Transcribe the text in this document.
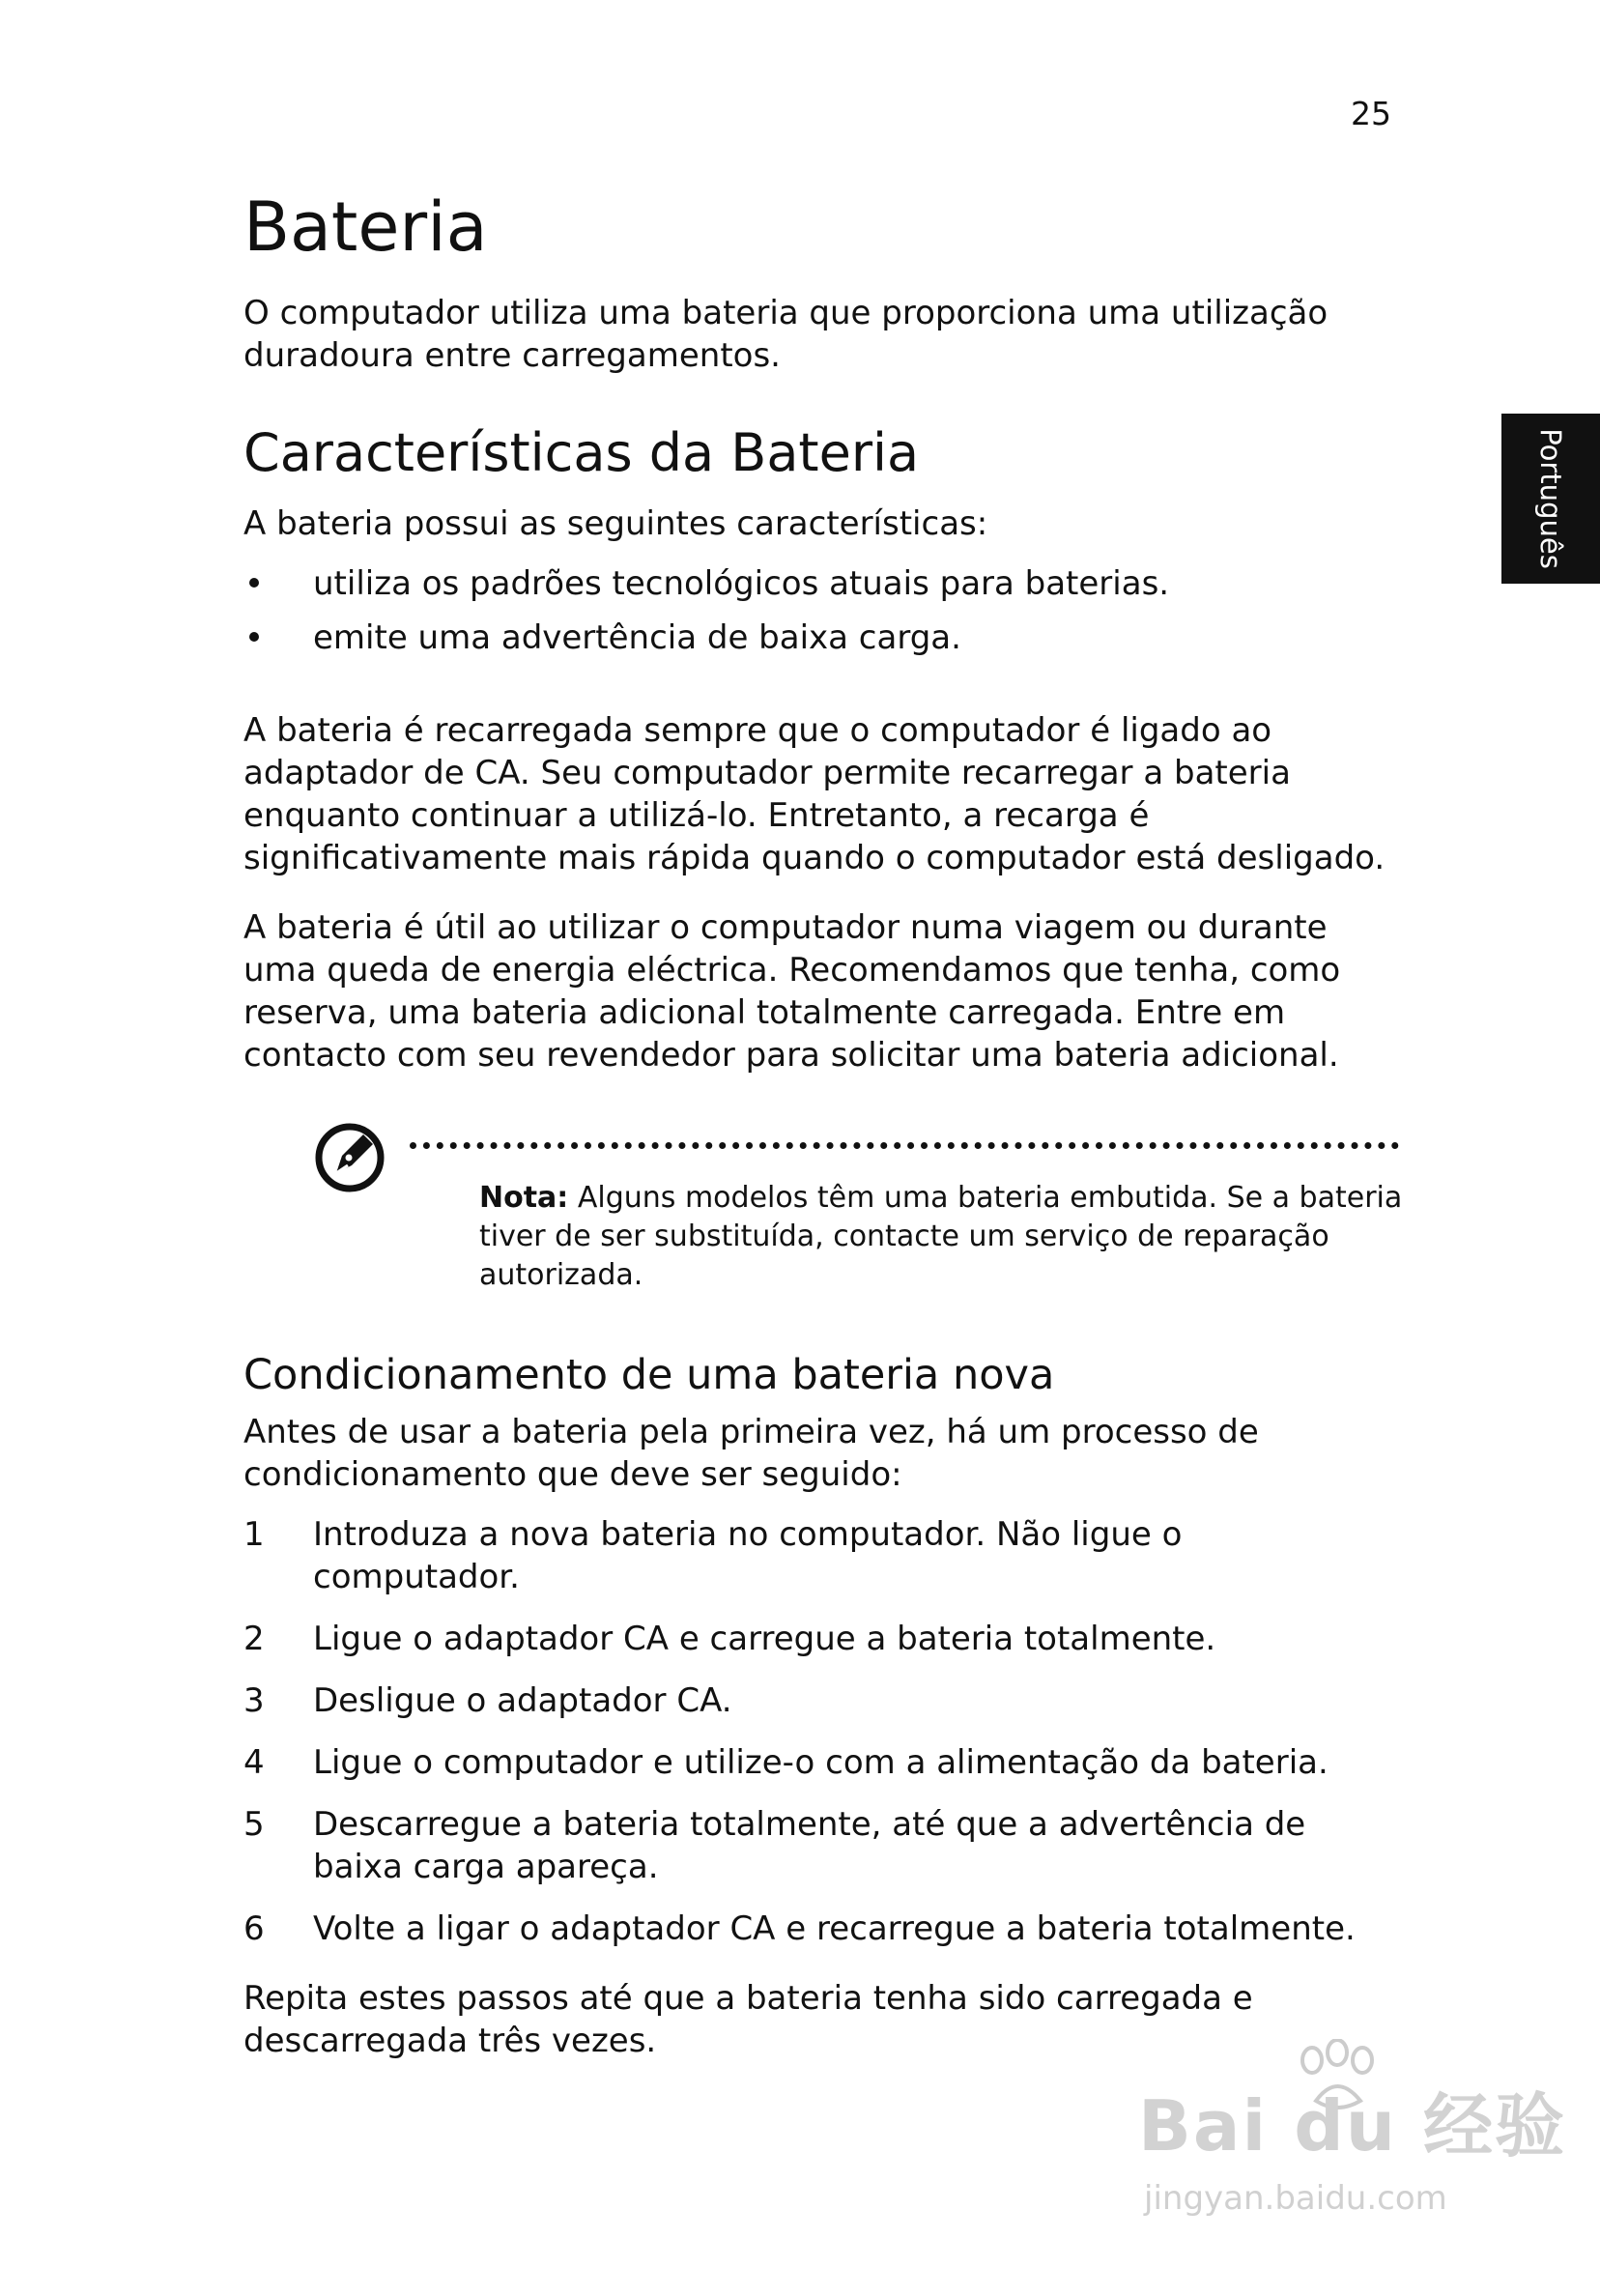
25
Português
Bateria

O computador utiliza uma bateria que proporciona uma utilização duradoura entre carregamentos.

Características da Bateria

A bateria possui as seguintes características:

utiliza os padrões tecnológicos atuais para baterias.
emite uma advertência de baixa carga.

A bateria é recarregada sempre que o computador é ligado ao adaptador de CA. Seu computador permite recarregar a bateria enquanto continuar a utilizá-lo. Entretanto, a recarga é significativamente mais rápida quando o computador está desligado.

A bateria é útil ao utilizar o computador numa viagem ou durante uma queda de energia eléctrica. Recomendamos que tenha, como reserva, uma bateria adicional totalmente carregada. Entre em contacto com seu revendedor para solicitar uma bateria adicional.

Nota: Alguns modelos têm uma bateria embutida. Se a bateria tiver de ser substituída, contacte um serviço de reparação autorizada.
Condicionamento de uma bateria nova

Antes de usar a bateria pela primeira vez, há um processo de condicionamento que deve ser seguido:

1 Introduza a nova bateria no computador. Não ligue o computador.
2 Ligue o adaptador CA e carregue a bateria totalmente.
3 Desligue o adaptador CA.
4 Ligue o computador e utilize-o com a alimentação da bateria.
5 Descarregue a bateria totalmente, até que a advertência de baixa carga apareça.
6 Volte a ligar o adaptador CA e recarregue a bateria totalmente.

Repita estes passos até que a bateria tenha sido carregada e descarregada três vezes.

Bai du 经验
jingyan.baidu.com
